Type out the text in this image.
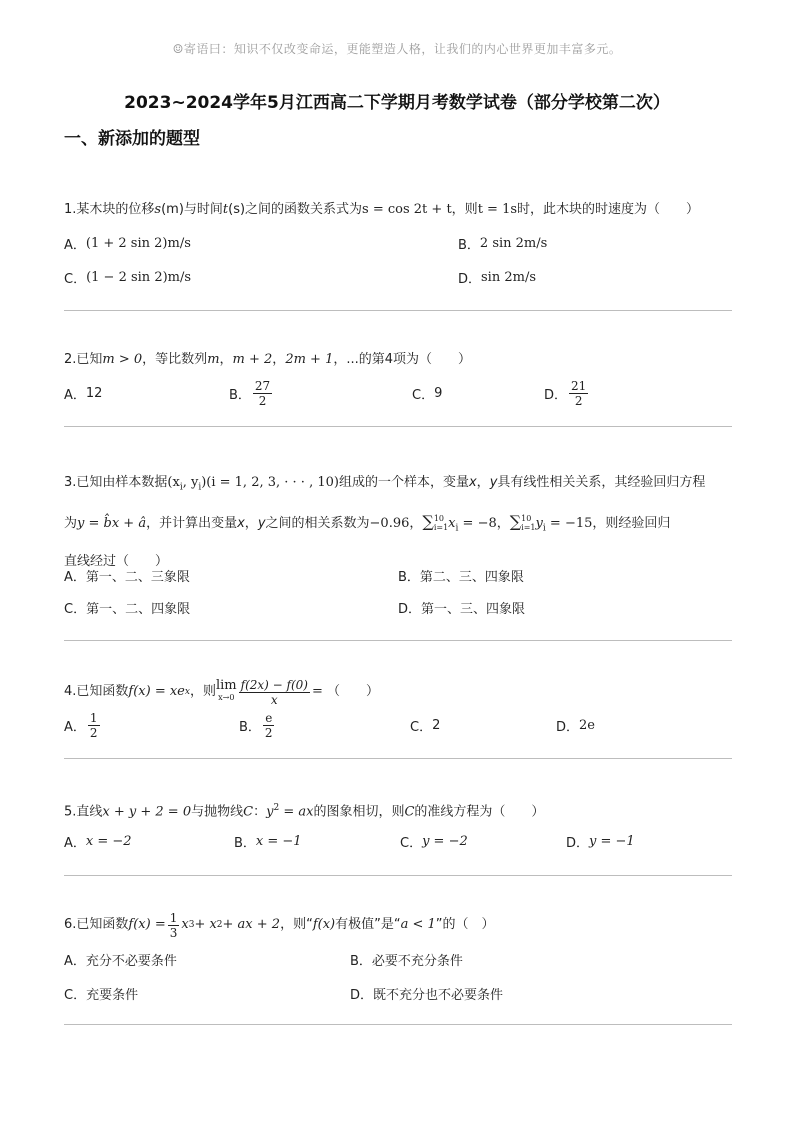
☺寄语曰：知识不仅改变命运，更能塑造人格，让我们的内心世界更加丰富多元。
2023~2024学年5月江西高二下学期月考数学试卷（部分学校第二次）
一、新添加的题型
1.某木块的位移s(m)与时间t(s)之间的函数关系式为s = cos 2t + t，则t = 1s时，此木块的时速度为（　　）
A． (1 + 2 sin 2)m/s	B． 2 sin 2m/s
C． (1 − 2 sin 2)m/s	D． sin 2m/s
2.已知m > 0，等比数列m，m + 2，2m + 1，...的第4项为（　　）
A． 12	B． $\frac{27}{2}$	C． 9	D． $\frac{21}{2}$
3.已知由样本数据($x_i$, $y_i)(i = 1$, 2, 3, · · · , 10)组成的一个样本，变量x，y具有线性相关关系，其经验回归方程
为y = b̂x + â，并计算出变量x，y之间的相关系数为−0.96，∑ 10
i=1 $x_i = -8$，∑ 10
i=1 $y_i = -15$，则经验回归
直线经过（　　）
A． 第一、二、三象限	B． 第二、三、四象限
C． 第一、二、四象限	D． 第一、三、四象限
4.已知函数 f(x) = xe x ，则 lim
$x\to 0 \frac{f(2x) - f(0)}{x}$ = （　　）
A． $\frac{1}{2}$	B． $\frac{e}{2}$	C． 2	D． 2e
5.直线x + y + 2 = 0与抛物线C：$y^2$ = ax的图象相切，则C的准线方程为（　　）
A． x = −2	B． x = −1	C． y = −2	D． y = −1
6.已知函数 $f(x) = \frac{1}{3}$ x 3 + x 2 + ax + 2 ，则“ f(x) 有极值”是“ a < 1 ”的（　）
A． 充分不必要条件	B． 必要不充分条件
C． 充要条件	D． 既不充分也不必要条件
